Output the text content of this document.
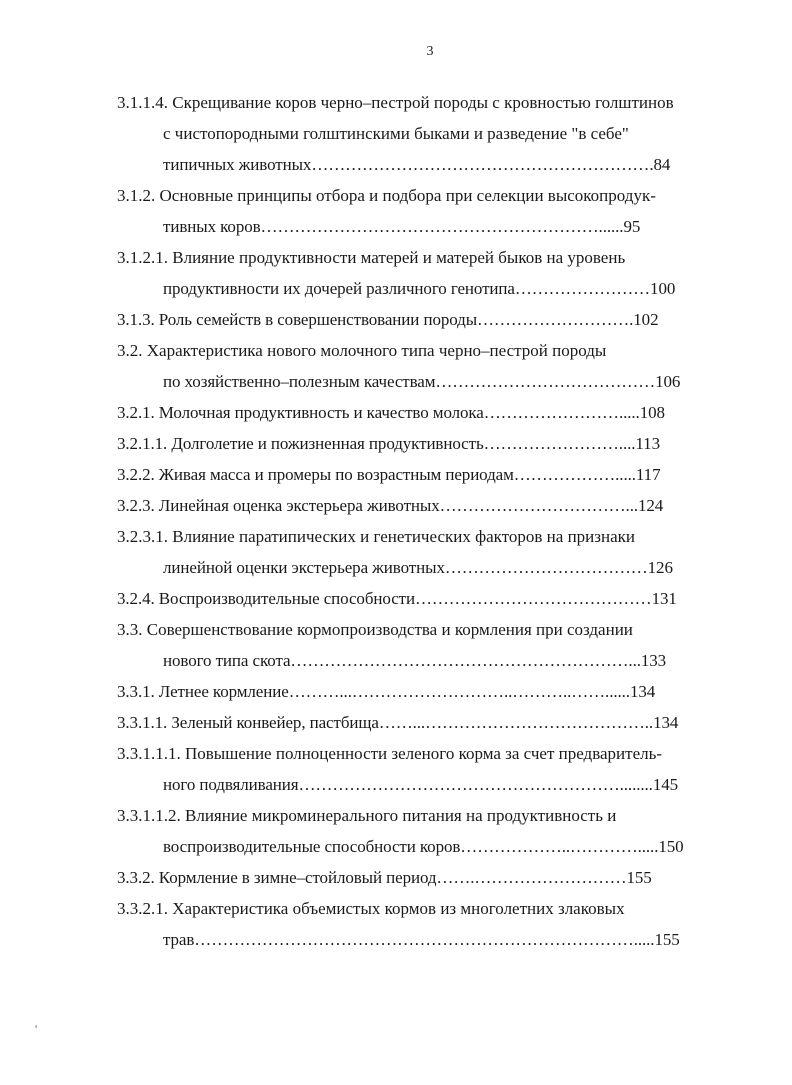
3
3.1.1.4. Скрещивание коров черно–пестрой породы с кровностью голштинов
с чистопородными голштинскими быками и разведение "в себе"
типичных животных…………………………………………………….84
3.1.2. Основные принципы отбора и подбора при селекции высокопродук-
тивных коров……………………………………………………......95
3.1.2.1. Влияние продуктивности матерей и матерей быков на уровень
продуктивности их дочерей различного генотипа……………………100
3.1.3. Роль семейств в совершенствовании породы……………………….102
3.2. Характеристика нового молочного типа черно–пестрой породы
по хозяйственно–полезным качествам…………………………………106
3.2.1. Молочная продуктивность и качество молока…………………….....108
3.2.1.1. Долголетие и пожизненная продуктивность……………………....113
3.2.2. Живая масса и промеры по возрастным периодам……………….....117
3.2.3. Линейная оценка экстерьера животных……………………………...124
3.2.3.1. Влияние паратипических и генетических факторов на признаки
линейной оценки экстерьера животных………………………………126
3.2.4. Воспроизводительные способности……………………………………131
3.3. Совершенствование кормопроизводства и кормления при создании
нового типа скота……………………………………………………...133
3.3.1. Летнее кормление………...………………………..………..……......134
3.3.1.1. Зеленый конвейер, пастбища……...…………………………………..134
3.3.1.1.1. Повышение полноценности зеленого корма за счет предваритель-
ного подвяливания…………………………………………………........145
3.3.1.1.2. Влияние микроминерального питания на продуктивность и
воспроизводительные способности коров………………..………….....150
3.3.2. Кормление в зимне–стойловый период…….………………………155
3.3.2.1. Характеристика объемистых кормов из многолетних злаковых
трав…………………………………………………………………….....155
'
